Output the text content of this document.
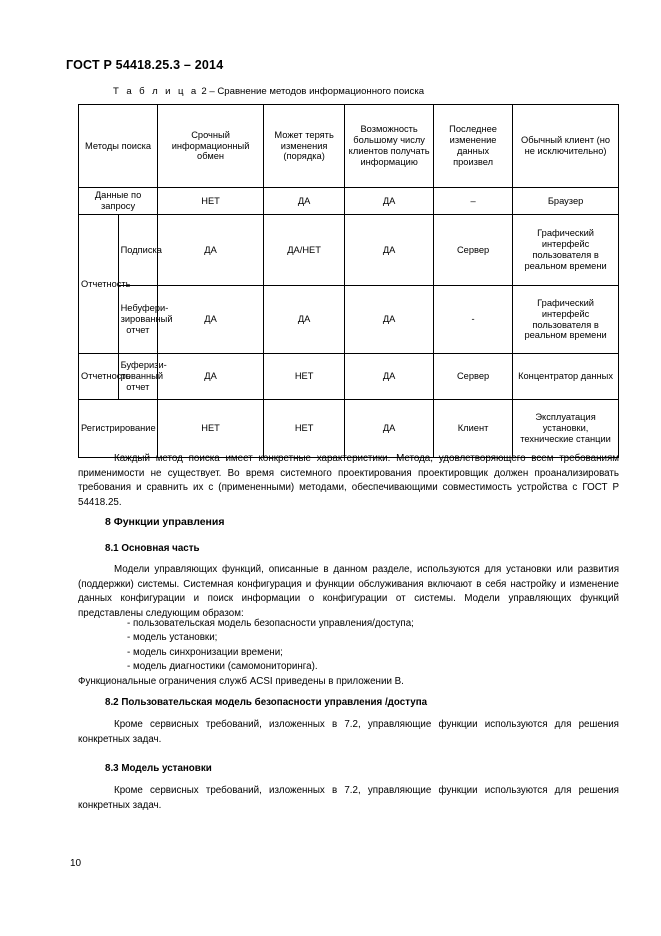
ГОСТ Р 54418.25.3 – 2014
Т а б л и ц а 2 – Сравнение методов информационного поиска
Методы поиска		Срочный информационный обмен	Может терять изменения (порядка)	Возможность большому числу клиентов получать информацию	Последнее изменение данных произвел	Обычный клиент (но не исключительно)
Данные по запросу		НЕТ	ДА	ДА	–	Браузер
Отчетность	Подписка	ДА	ДА/НЕТ	ДА	Сервер	Графический интерфейс пользователя в реальном времени
	Небуфери-зированный отчет	ДА	ДА	ДА	-	Графический интерфейс пользователя в реальном времени
Отчетность	Буферизи-рованный отчет	ДА	НЕТ	ДА	Сервер	Концентратор данных
Регистрирование		НЕТ	НЕТ	ДА	Клиент	Эксплуатация установки, технические станции
Каждый метод поиска имеет конкретные характеристики. Метода, удовлетворяющего всем требованиям применимости не существует. Во время системного проектирования проектировщик должен проанализировать требования и сравнить их с (примененными) методами, обеспечивающими совместимость устройства с ГОСТ Р 54418.25.
8 Функции управления
8.1 Основная часть
Модели управляющих функций, описанные в данном разделе, используются для установки или развития (поддержки) системы. Системная конфигурация и функции обслуживания включают в себя настройку и изменение данных конфигурации и поиск информации о конфигурации от системы. Модели управляющих функций представлены следующим образом:
- пользовательская модель безопасности управления/доступа;
- модель установки;
- модель синхронизации времени;
- модель диагностики (самомониторинга).
Функциональные ограничения служб ACSI приведены в приложении В.
8.2 Пользовательская модель безопасности управления /доступа
Кроме сервисных требований, изложенных в 7.2, управляющие функции используются для решения конкретных задач.
8.3 Модель установки
Кроме сервисных требований, изложенных в 7.2, управляющие функции используются для решения конкретных задач.
10
